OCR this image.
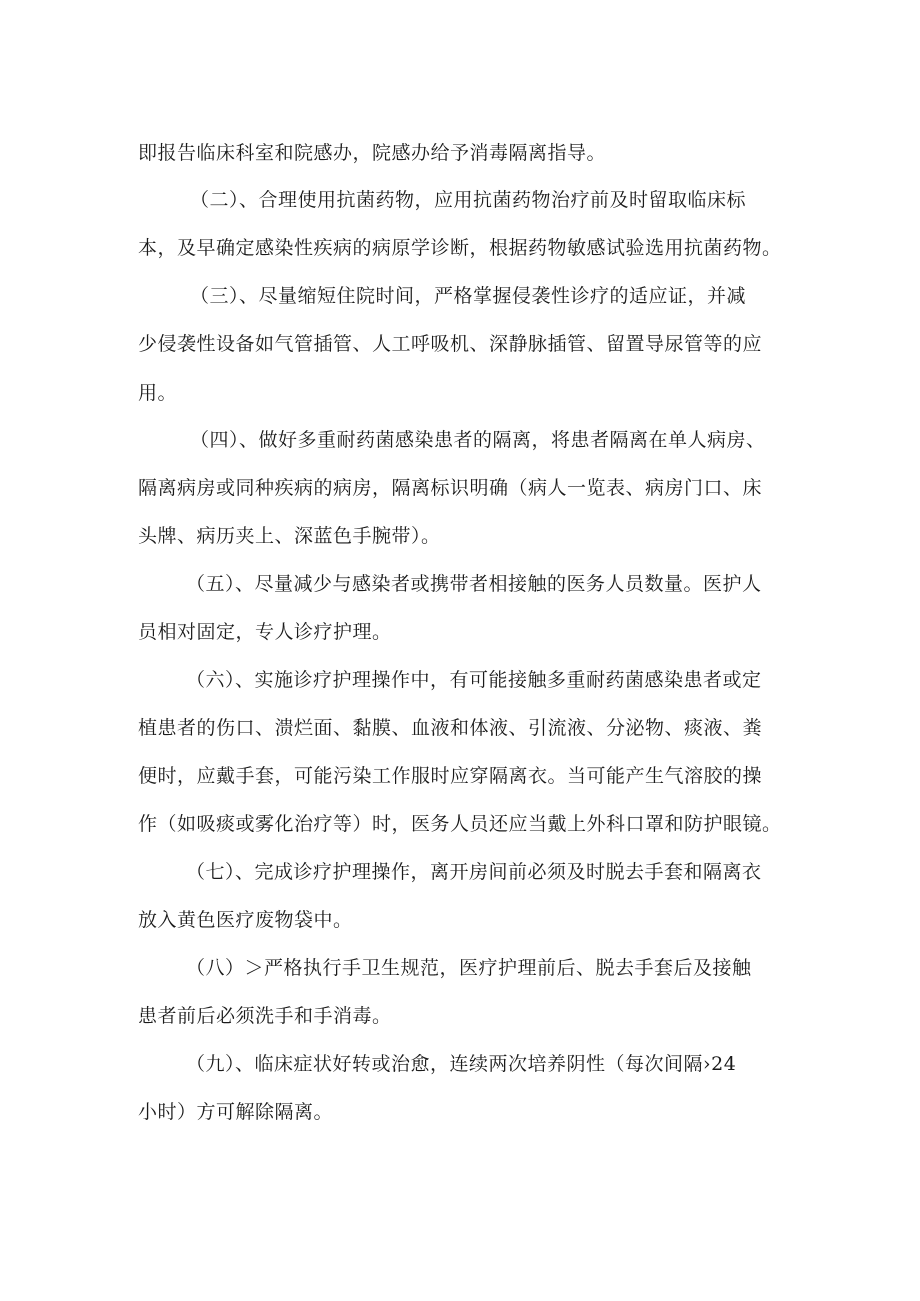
即报告临床科室和院感办，院感办给予消毒隔离指导。
（二）、合理使用抗菌药物，应用抗菌药物治疗前及时留取临床标
本，及早确定感染性疾病的病原学诊断，根据药物敏感试验选用抗菌药物。
（三）、尽量缩短住院时间，严格掌握侵袭性诊疗的适应证，并减
少侵袭性设备如气管插管、人工呼吸机、深静脉插管、留置导尿管等的应
用。
（四）、做好多重耐药菌感染患者的隔离，将患者隔离在单人病房、
隔离病房或同种疾病的病房，隔离标识明确（病人一览表、病房门口、床
头牌、病历夹上、深蓝色手腕带）。
（五）、尽量减少与感染者或携带者相接触的医务人员数量。医护人
员相对固定，专人诊疗护理。
（六）、实施诊疗护理操作中，有可能接触多重耐药菌感染患者或定
植患者的伤口、溃烂面、黏膜、血液和体液、引流液、分泌物、痰液、粪
便时，应戴手套，可能污染工作服时应穿隔离衣。当可能产生气溶胶的操
作（如吸痰或雾化治疗等）时，医务人员还应当戴上外科口罩和防护眼镜。
（七）、完成诊疗护理操作，离开房间前必须及时脱去手套和隔离衣
放入黄色医疗废物袋中。
（八）＞严格执行手卫生规范，医疗护理前后、脱去手套后及接触
患者前后必须洗手和手消毒。
（九）、临床症状好转或治愈，连续两次培养阴性（每次间隔›24
小时）方可解除隔离。
